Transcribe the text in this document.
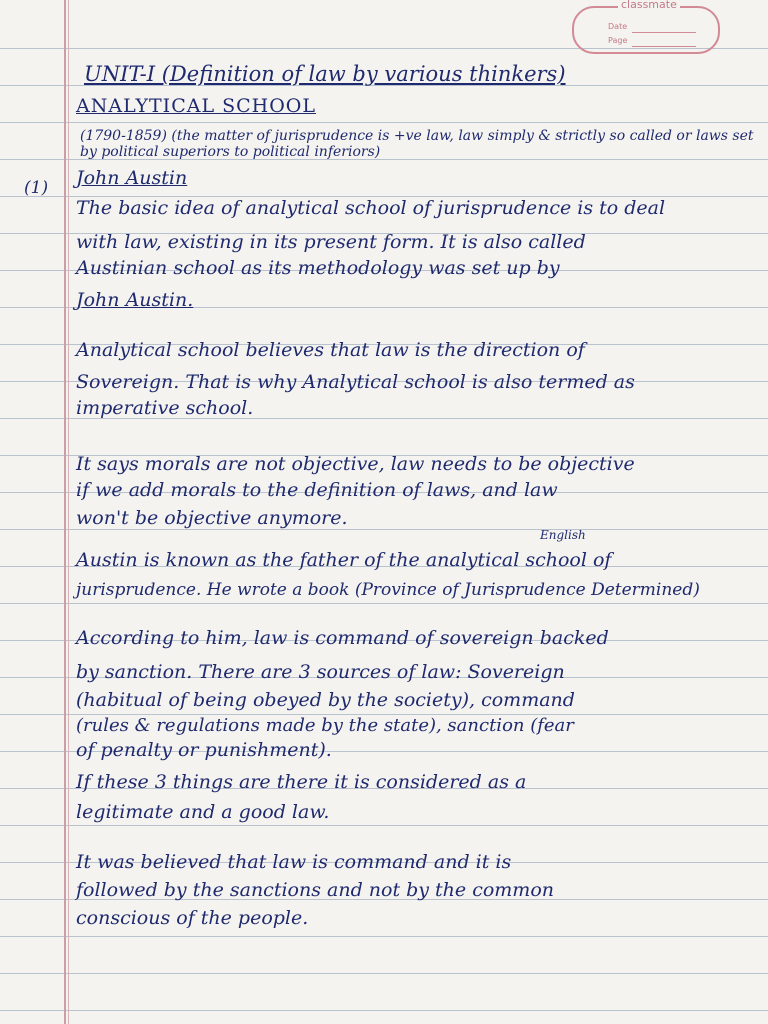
classmate
Date
Page
UNIT-I (Definition of law by various thinkers)
ANALYTICAL SCHOOL
(1790-1859) (the matter of jurisprudence is +ve law, law simply & strictly so called or laws set by political superiors to political inferiors)
(1) John Austin
The basic idea of analytical school of jurisprudence is to deal
with law, existing in its present form. It is also called
Austinian school as its methodology was set up by
John Austin.
Analytical school believes that law is the direction of
Sovereign. That is why Analytical school is also termed as
imperative school.
It says morals are not objective, law needs to be objective
if we add morals to the definition of laws, and law
won't be objective anymore.
English
Austin is known as the father of the analytical school of
jurisprudence. He wrote a book (Province of Jurisprudence Determined)
According to him, law is command of sovereign backed
by sanction. There are 3 sources of law: Sovereign
(habitual of being obeyed by the society), command
(rules & regulations made by the state), sanction (fear
of penalty or punishment).
If these 3 things are there it is considered as a
legitimate and a good law.
It was believed that law is command and it is
followed by the sanctions and not by the common
conscious of the people.
